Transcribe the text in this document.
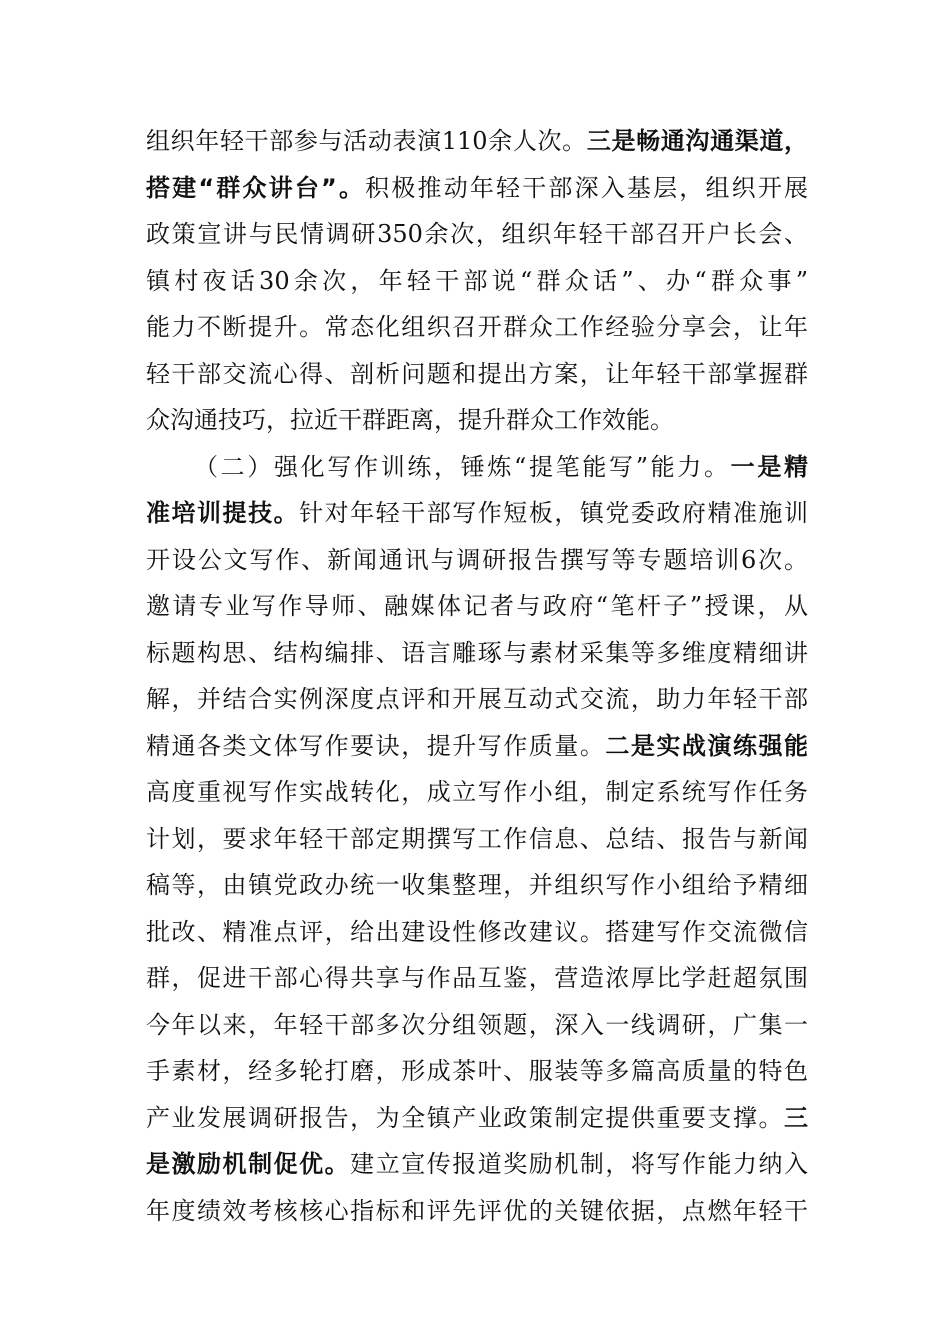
组织年轻干部参与活动表演110余人次。三是畅通沟通渠道，
搭建“群众讲台”。积极推动年轻干部深入基层，组织开展
政策宣讲与民情调研350余次，组织年轻干部召开户长会、
镇村夜话30余次，年轻干部说“群众话”、办“群众事”
能力不断提升。常态化组织召开群众工作经验分享会，让年
轻干部交流心得、剖析问题和提出方案，让年轻干部掌握群
众沟通技巧，拉近干群距离，提升群众工作效能。
（二）强化写作训练，锤炼“提笔能写”能力。一是精
准培训提技。针对年轻干部写作短板，镇党委政府精准施训
开设公文写作、新闻通讯与调研报告撰写等专题培训6次。
邀请专业写作导师、融媒体记者与政府“笔杆子”授课，从
标题构思、结构编排、语言雕琢与素材采集等多维度精细讲
解，并结合实例深度点评和开展互动式交流，助力年轻干部
精通各类文体写作要诀，提升写作质量。二是实战演练强能
高度重视写作实战转化，成立写作小组，制定系统写作任务
计划，要求年轻干部定期撰写工作信息、总结、报告与新闻
稿等，由镇党政办统一收集整理，并组织写作小组给予精细
批改、精准点评，给出建设性修改建议。搭建写作交流微信
群，促进干部心得共享与作品互鉴，营造浓厚比学赶超氛围
今年以来，年轻干部多次分组领题，深入一线调研，广集一
手素材，经多轮打磨，形成茶叶、服装等多篇高质量的特色
产业发展调研报告，为全镇产业政策制定提供重要支撑。三
是激励机制促优。建立宣传报道奖励机制，将写作能力纳入
年度绩效考核核心指标和评先评优的关键依据，点燃年轻干
